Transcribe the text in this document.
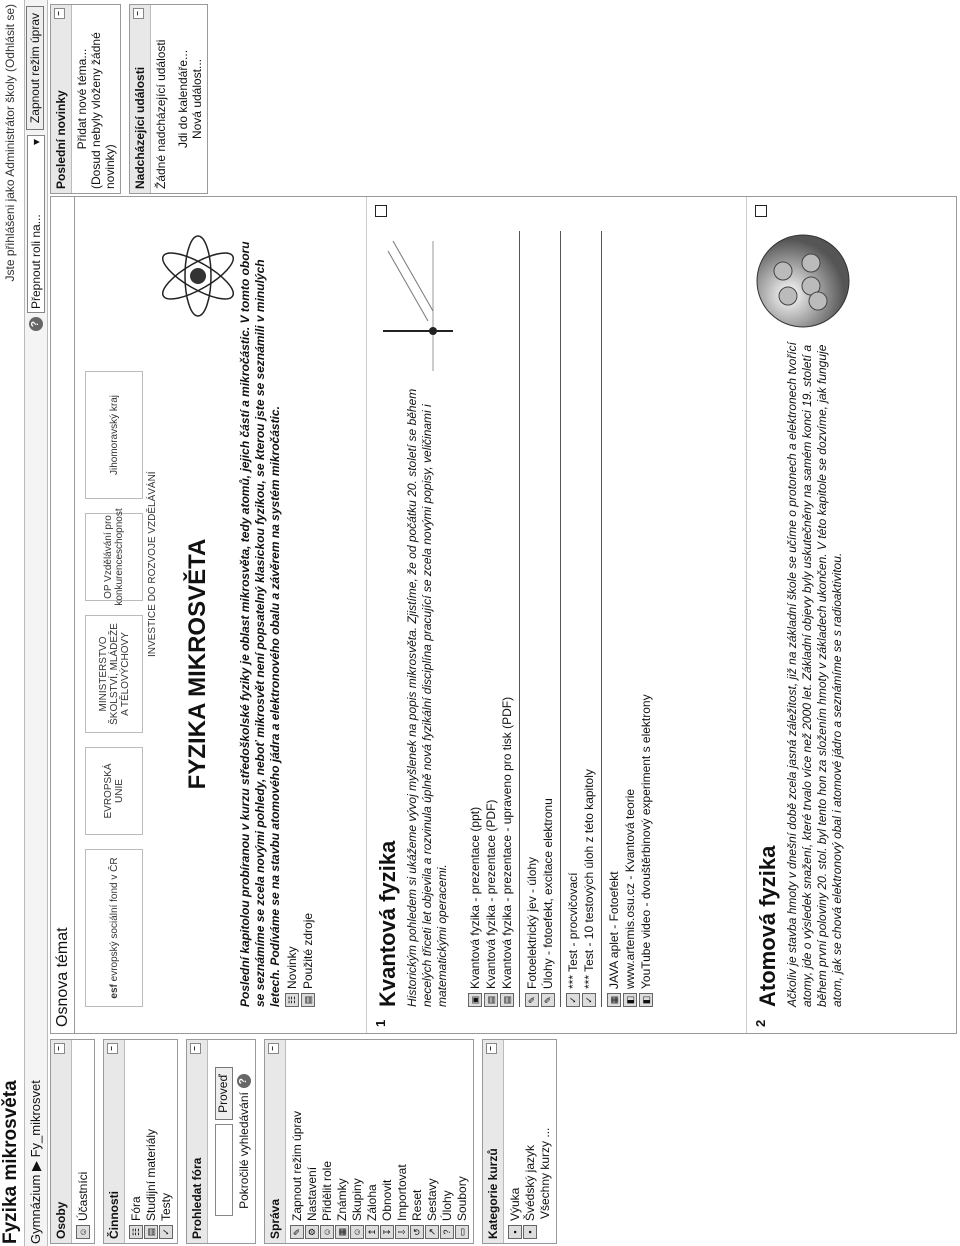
Fyzika mikrosvěta
Jste přihlášeni jako Administrátor školy (Odhlásit se)
Gymnázium ▶ Fy_mikrosvet
?
Přepnout roli na...
▾
Zapnout režim úprav
Osoby
−
☺
Účastníci Činnosti
−
☷
Fóra
▤
Studijní materiály
✓
Testy Prohledat fóra
−
Proveď Pokročilé vyhledávání
?
Správa
−
✎
Zapnout režim úprav
⚙
Nastavení
☺
Přidělit role
▦
Známky
☺
Skupiny
↥
Záloha
↧
Obnovit
⇩
Importovat
↺
Reset
↗
Sestavy
?
Úlohy
▭
Soubory Kategorie kurzů
−
▪
Výuka
▪
Švédský jazyk Všechny kurzy ...
Osnova témat	esf

evropský sociální fond v ČR
EVROPSKÁ UNIE
MINISTERSTVO ŠKOLSTVÍ, MLÁDEŽE A TĚLOVÝCHOVY
OP Vzdělávání pro konkurenceschopnost
Jihomoravský kraj
INVESTICE DO ROZVOJE VZDĚLÁVÁNÍ FYZIKA MIKROSVĚTA Poslední kapitolou probíranou v kurzu středoškolské fyziky je oblast mikrosvěta, tedy atomů, jejich částí a mikročástic. V tomto oboru se seznámíme se zcela novými pohledy, neboť mikrosvět není popsatelný klasickou fyzikou, se kterou jste se seznámili v minulých letech. Podíváme se na stavbu atomového jádra a elektronového obalu a závěrem na systém mikročástic. ☷
Novinky
▤
Použité zdroje
1
Kvantová fyzika Historickým pohledem si ukážeme vývoj myšlenek na popis mikrosvěta. Zjistíme, že od počátku 20. století se během necelých třiceti let objevila a rozvinula úplně nová fyzikální disciplína pracující se zcela novými popisy, veličinami i matematickými operacemi. ▣
Kvantová fyzika - prezentace (ppt)
▤
Kvantová fyzika - prezentace (PDF)
▤
Kvantová fyzika - prezentace - upraveno pro tisk (PDF)
✎
Fotoelektrický jev - úlohy
✎
Úlohy - fotoefekt, excitace elektronu
✓
*** Test - procvičovací
✓
*** Test - 10 testových úloh z této kapitoly
▦
JAVA aplet - Fotoefekt
◧
www.artemis.osu.cz - Kvantová teorie
◧
YouTube video - dvouštěrbinový experiment s elektrony
2
Atomová fyzika Ačkoliv je stavba hmoty v dnešní době zcela jasná záležitost, již na základní škole se učíme o protonech a elektronech tvořící atomy, jde o výsledek snažení, které trvalo více než 2000 let. Základní objevy byly uskutečněny na samém konci 19. století a během první poloviny 20. stol. byl tento hon za složením hmoty v základech ukončen. V této kapitole se dozvíme, jak funguje atom, jak se chová elektronový obal i atomové jádro a seznámíme se s radioaktivitou.
Poslední novinky
−
Přidat nové téma... (Dosud nebyly vloženy žádné novinky) Nadcházející události
−
Žádné nadcházející události Jdi do kalendáře... Nová událost...
